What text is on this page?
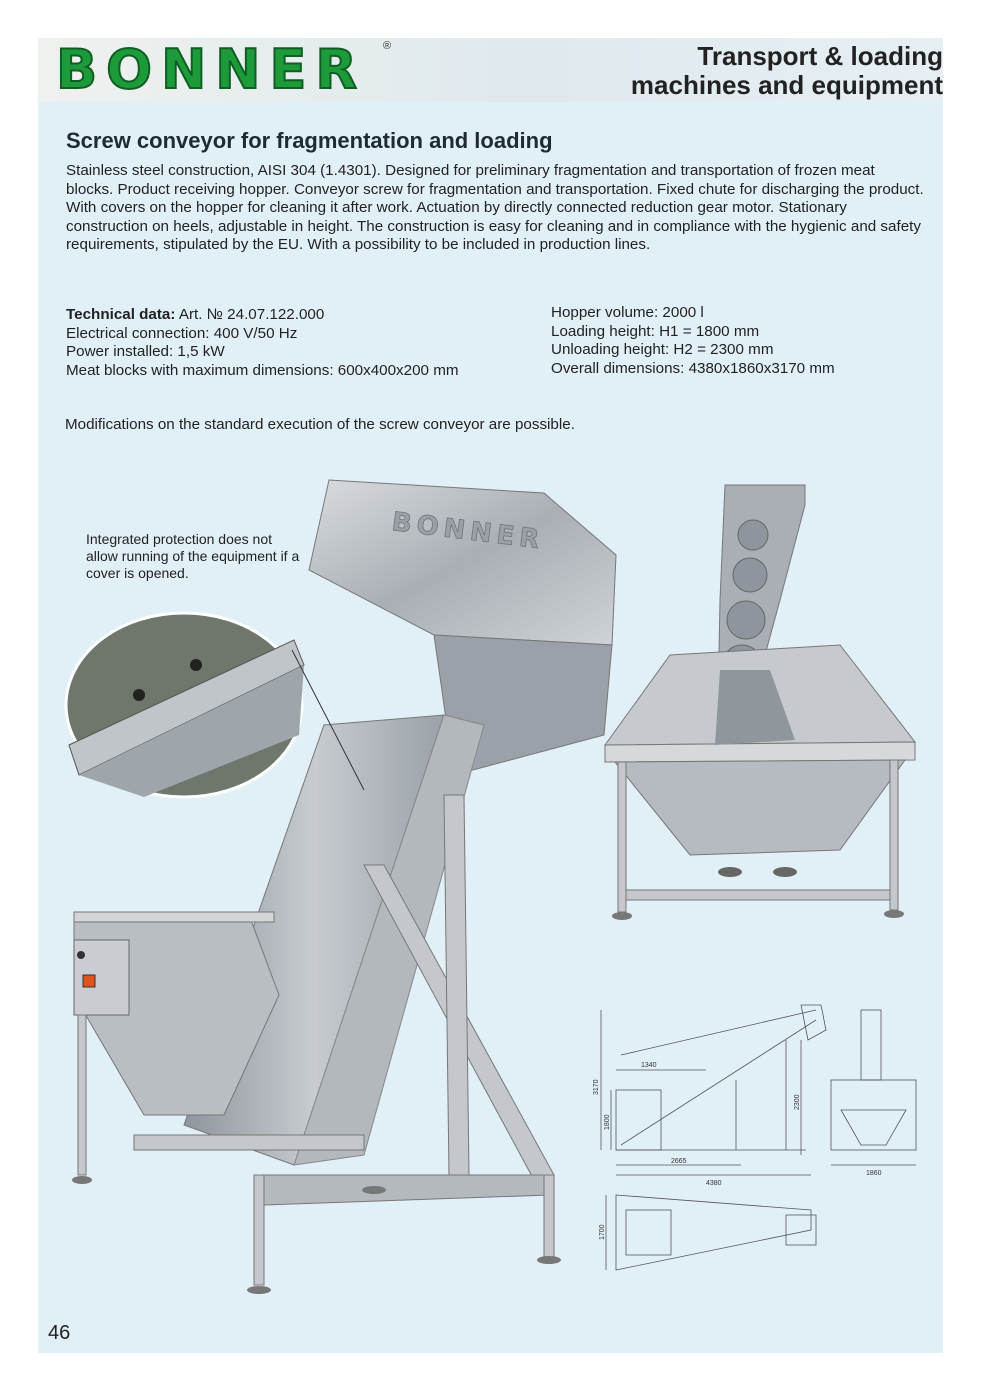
BONNER ®	Transport & loading
machines and equipment
Screw conveyor for fragmentation and loading

Stainless steel construction, AISI 304 (1.4301). Designed for preliminary fragmentation and transportation of frozen meat blocks. Product receiving hopper. Conveyor screw for fragmentation and transportation. Fixed chute for discharging the product. With covers on the hopper for cleaning it after work. Actuation by directly connected reduction gear motor. Stationary construction on heels, adjustable in height. The construction is easy for cleaning and in compliance with the hygienic and safety requirements, stipulated by the EU. With a possibility to be included in production lines.

Technical data: Art. № 24.07.122.000
Electrical connection: 400 V/50 Hz
Power installed: 1,5 kW
Meat blocks with maximum dimensions: 600x400x200 mm
Hopper volume: 2000 l
Loading height: H1 = 1800 mm
Unloading height: H2 = 2300 mm
Overall dimensions: 4380x1860x3170 mm
Modifications on the standard execution of the screw conveyor are possible.
BONNER
Integrated protection does not allow running of the equipment if a cover is opened.
1340
3170
1800
2300
2665
4380
1860
1700
46
